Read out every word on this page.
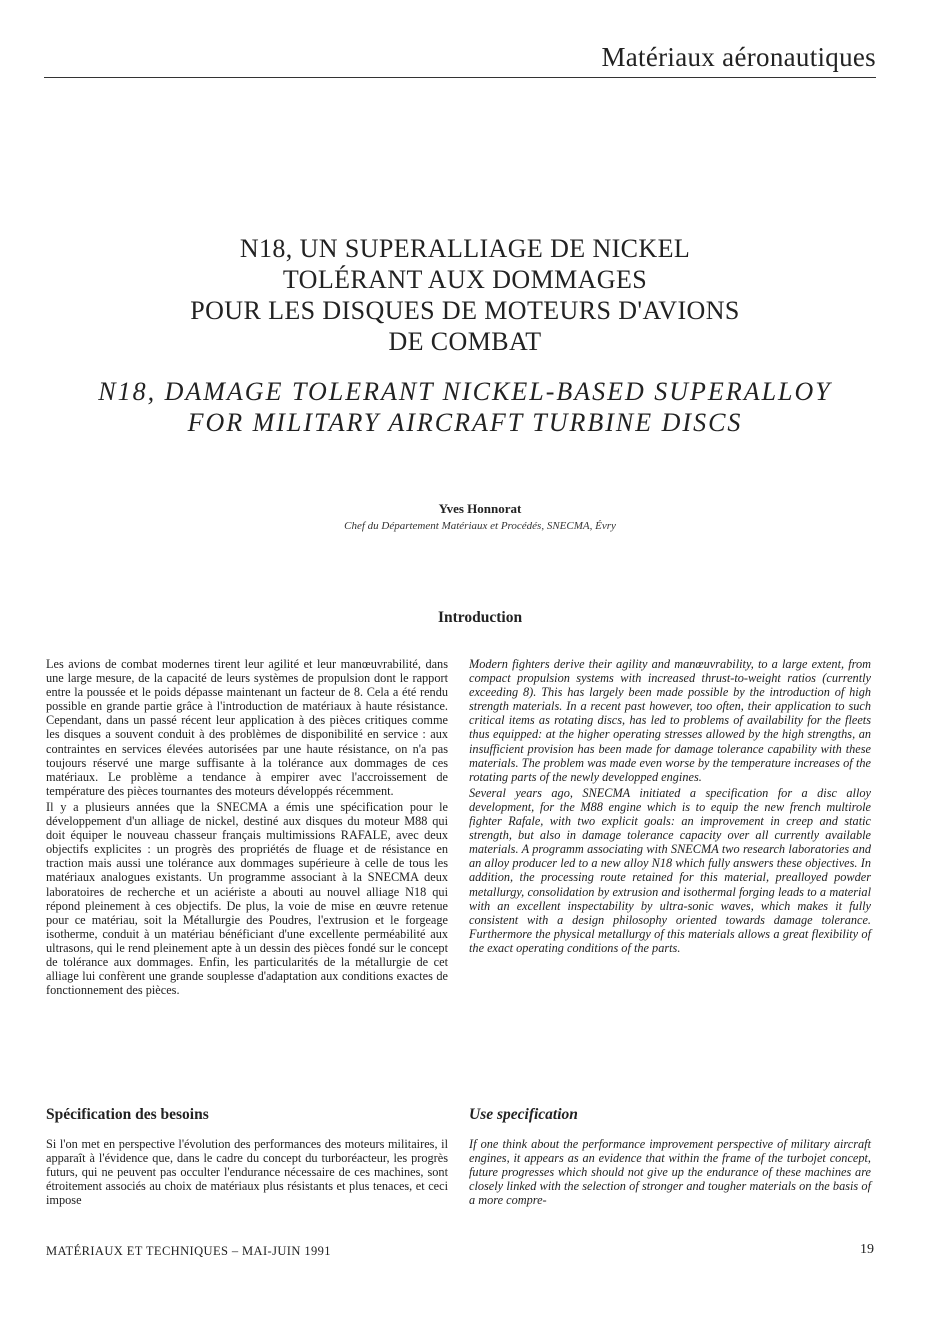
Matériaux aéronautiques
N18, UN SUPERALLIAGE DE NICKEL
TOLÉRANT AUX DOMMAGES
POUR LES DISQUES DE MOTEURS D'AVIONS
DE COMBAT
N18, DAMAGE TOLERANT NICKEL-BASED SUPERALLOY
FOR MILITARY AIRCRAFT TURBINE DISCS
Yves Honnorat
Chef du Département Matériaux et Procédés, SNECMA, Évry
Introduction

Les avions de combat modernes tirent leur agilité et leur manœuvrabilité, dans une large mesure, de la capacité de leurs systèmes de propulsion dont le rapport entre la poussée et le poids dépasse maintenant un facteur de 8. Cela a été rendu possible en grande partie grâce à l'introduction de matériaux à haute résistance. Cependant, dans un passé récent leur application à des pièces critiques comme les disques a souvent conduit à des problèmes de disponibilité en service : aux contraintes en services élevées autorisées par une haute résistance, on n'a pas toujours réservé une marge suffisante à la tolérance aux dommages de ces matériaux. Le problème a tendance à empirer avec l'accroissement de température des pièces tournantes des moteurs développés récemment.

Il y a plusieurs années que la SNECMA a émis une spécification pour le développement d'un alliage de nickel, destiné aux disques du moteur M88 qui doit équiper le nouveau chasseur français multimissions RAFALE, avec deux objectifs explicites : un progrès des propriétés de fluage et de résistance en traction mais aussi une tolérance aux dommages supérieure à celle de tous les matériaux analogues existants. Un programme associant à la SNECMA deux laboratoires de recherche et un aciériste a abouti au nouvel alliage N18 qui répond pleinement à ces objectifs. De plus, la voie de mise en œuvre retenue pour ce matériau, soit la Métallurgie des Poudres, l'extrusion et le forgeage isotherme, conduit à un matériau bénéficiant d'une excellente perméabilité aux ultrasons, qui le rend pleinement apte à un dessin des pièces fondé sur le concept de tolérance aux dommages. Enfin, les particularités de la métallurgie de cet alliage lui confèrent une grande souplesse d'adaptation aux conditions exactes de fonctionnement des pièces.

Modern fighters derive their agility and manœuvrability, to a large extent, from compact propulsion systems with increased thrust-to-weight ratios (currently exceeding 8). This has largely been made possible by the introduction of high strength materials. In a recent past however, too often, their application to such critical items as rotating discs, has led to problems of availability for the fleets thus equipped: at the higher operating stresses allowed by the high strengths, an insufficient provision has been made for damage tolerance capability with these materials. The problem was made even worse by the temperature increases of the rotating parts of the newly developped engines.

Several years ago, SNECMA initiated a specification for a disc alloy development, for the M88 engine which is to equip the new french multirole fighter Rafale, with two explicit goals: an improvement in creep and static strength, but also in damage tolerance capacity over all currently available materials. A programm associating with SNECMA two research laboratories and an alloy producer led to a new alloy N18 which fully answers these objectives. In addition, the processing route retained for this material, prealloyed powder metallurgy, consolidation by extrusion and isothermal forging leads to a material with an excellent inspectability by ultra-sonic waves, which makes it fully consistent with a design philosophy oriented towards damage tolerance. Furthermore the physical metallurgy of this materials allows a great flexibility of the exact operating conditions of the parts.

Spécification des besoins	Use specification

Si l'on met en perspective l'évolution des performances des moteurs militaires, il apparaît à l'évidence que, dans le cadre du concept du turboréacteur, les progrès futurs, qui ne peuvent pas occulter l'endurance nécessaire de ces machines, sont étroitement associés au choix de matériaux plus résistants et plus tenaces, et ceci impose

If one think about the performance improvement perspective of military aircraft engines, it appears as an evidence that within the frame of the turbojet concept, future progresses which should not give up the endurance of these machines are closely linked with the selection of stronger and tougher materials on the basis of a more compre-

MATÉRIAUX ET TECHNIQUES – MAI-JUIN 1991	19
